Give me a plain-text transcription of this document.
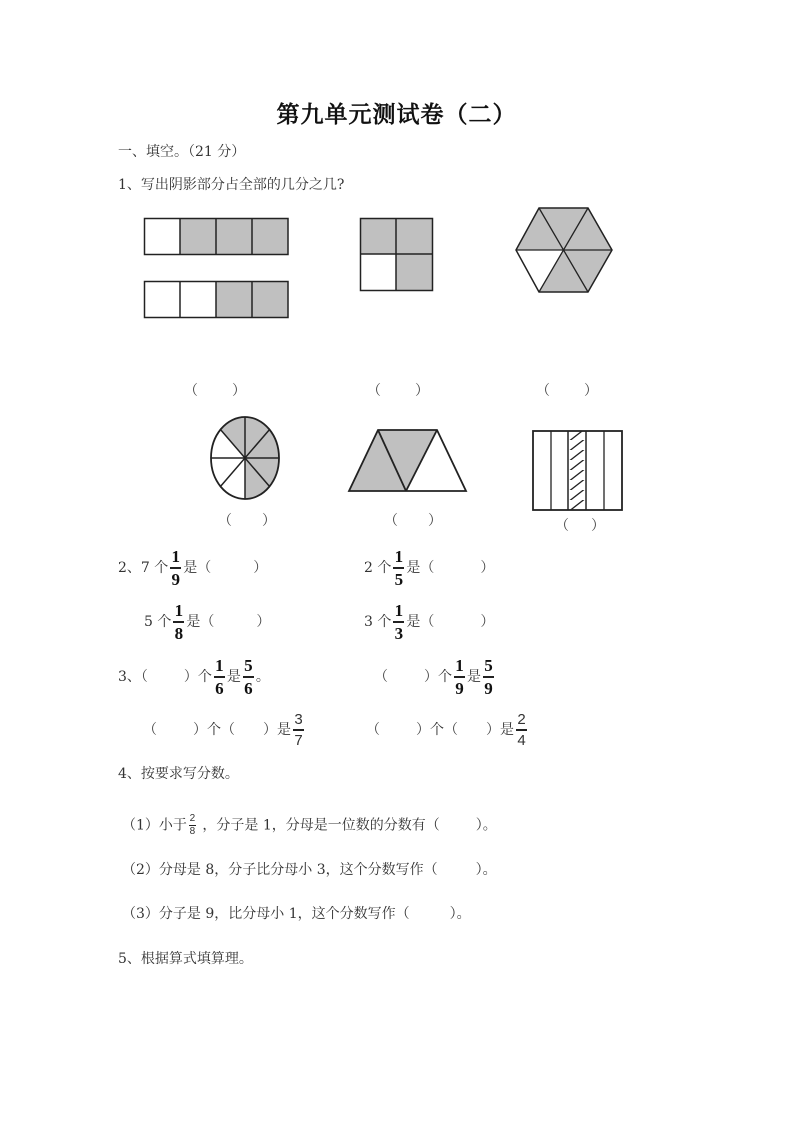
第九单元测试卷（二）
一、填空。（21 分）
1、写出阴影部分占全部的几分之几?
（ ）	（ ）	（ ）
（ ）	（ ）	（ ）
2、7 个 $\frac{1}{9}$ 是（	）	2 个 $\frac{1}{5}$ 是（	）
5 个 $\frac{1}{8}$ 是（	）	3 个 $\frac{1}{3}$ 是（	）
3、（	）个 $\frac{1}{6}$ 是 $\frac{5}{6}$ 。	（	）个 $\frac{1}{9}$ 是 $\frac{5}{9}$
（	）个（ ）是 $\frac{3}{7}$	（	）个（ ）是 $\frac{2}{4}$
4、按要求写分数。
（1）小于 $\frac{2}{8}$ ，分子是 1，分母是一位数的分数有（	）。
（2）分母是 8，分子比分母小 3，这个分数写作（	）。
（3）分子是 9，比分母小 1，这个分数写作（	）。
5、根据算式填算理。
